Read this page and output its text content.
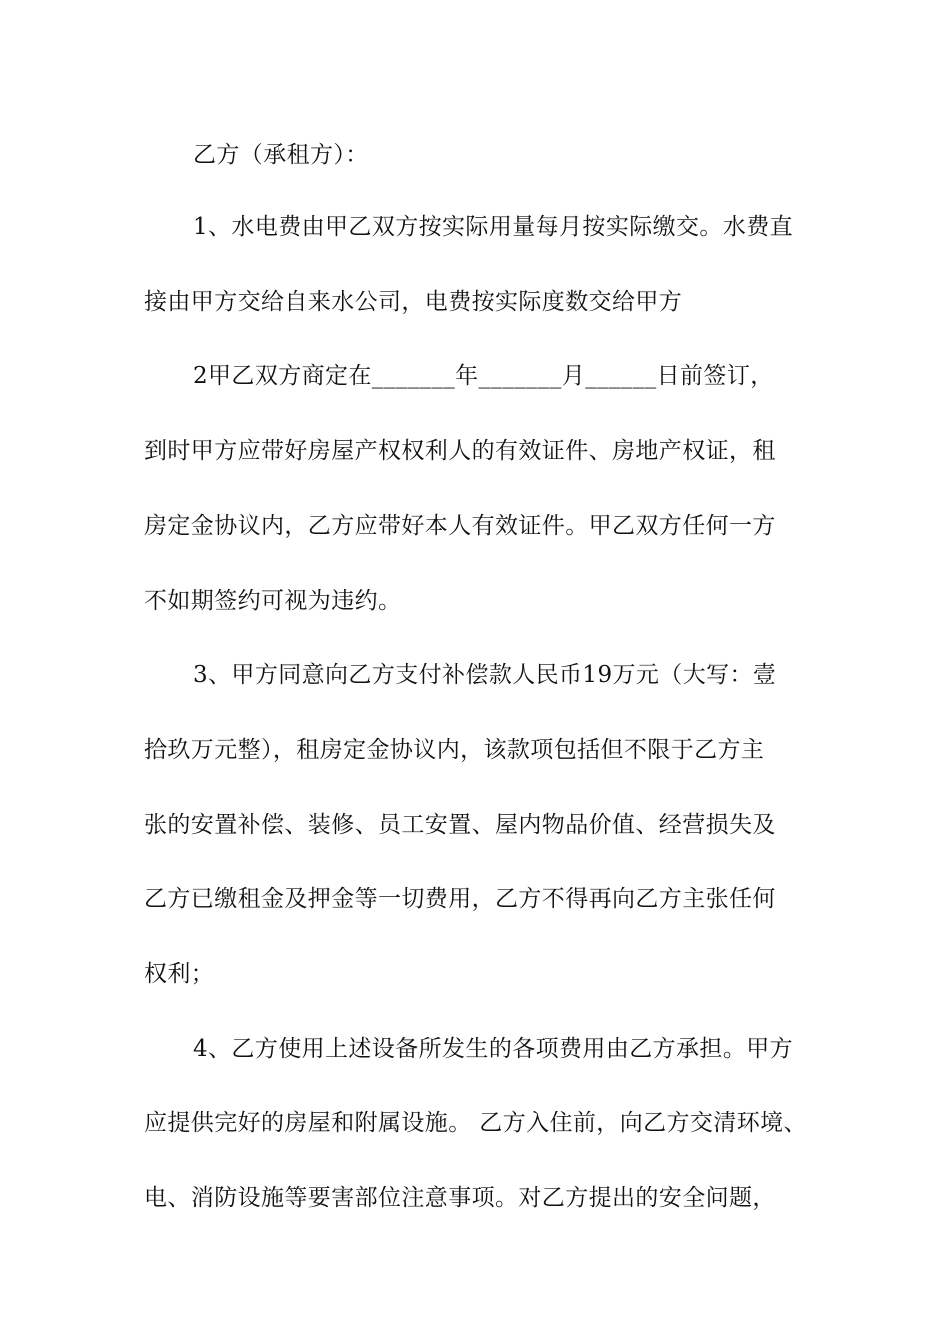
乙方（承租方）：
1、水电费由甲乙双方按实际用量每月按实际缴交。水费直
接由甲方交给自来水公司，电费按实际度数交给甲方
2甲乙双方商定在_______年_______月______日前签订，
到时甲方应带好房屋产权权利人的有效证件、房地产权证，租
房定金协议内，乙方应带好本人有效证件。甲乙双方任何一方
不如期签约可视为违约。
3、甲方同意向乙方支付补偿款人民币19万元（大写：壹
拾玖万元整），租房定金协议内，该款项包括但不限于乙方主
张的安置补偿、装修、员工安置、屋内物品价值、经营损失及
乙方已缴租金及押金等一切费用，乙方不得再向乙方主张任何
权利；
4、乙方使用上述设备所发生的各项费用由乙方承担。甲方
应提供完好的房屋和附属设施。 乙方入住前，向乙方交清环境、
电、消防设施等要害部位注意事项。对乙方提出的安全问题，
